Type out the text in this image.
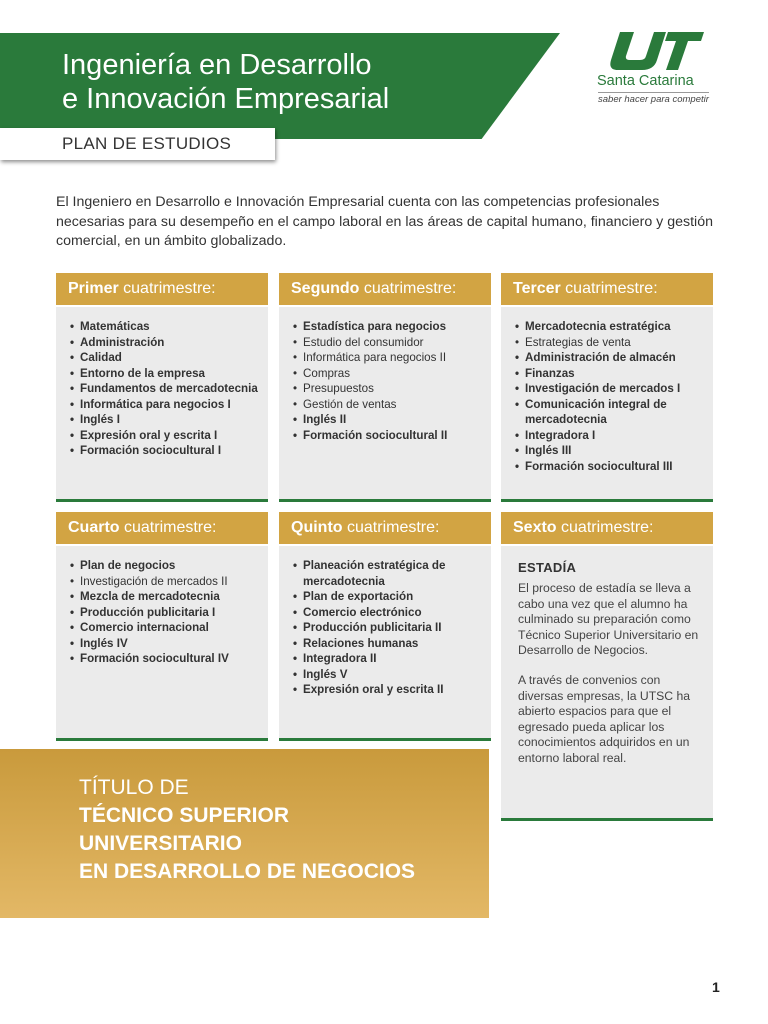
Ingeniería en Desarrollo
e Innovación Empresarial
PLAN DE ESTUDIOS
Santa Catarina
saber hacer para competir

El Ingeniero en Desarrollo e Innovación Empresarial cuenta con las competencias profesionales necesarias para su desempeño en el campo laboral en las áreas de capital humano, financiero y gestión comercial, en un ámbito globalizado.

Primer cuatrimestre:
• Matemáticas
• Administración
• Calidad
• Entorno de la empresa
• Fundamentos de mercadotecnia
• Informática para negocios I
• Inglés I
• Expresión oral y escrita I
• Formación sociocultural I
Segundo cuatrimestre:
• Estadística para negocios
• Estudio del consumidor
• Informática para negocios II
• Compras
• Presupuestos
• Gestión de ventas
• Inglés II
• Formación sociocultural II
Tercer cuatrimestre:
• Mercadotecnia estratégica
• Estrategias de venta
• Administración de almacén
• Finanzas
• Investigación de mercados I
• Comunicación integral de mercadotecnia
• Integradora I
• Inglés III
• Formación sociocultural III
Cuarto cuatrimestre:
• Plan de negocios
• Investigación de mercados II
• Mezcla de mercadotecnia
• Producción publicitaria I
• Comercio internacional
• Inglés IV
• Formación sociocultural IV
Quinto cuatrimestre:
• Planeación estratégica de mercadotecnia
• Plan de exportación
• Comercio electrónico
• Producción publicitaria II
• Relaciones humanas
• Integradora II
• Inglés V
• Expresión oral y escrita II
Sexto cuatrimestre:
ESTADÍA

El proceso de estadía se lleva a cabo una vez que el alumno ha culminado su preparación como Técnico Superior Universitario en Desarrollo de Negocios.

A través de convenios con diversas empresas, la UTSC ha abierto espacios para que el egresado pueda aplicar los conocimientos adquiridos en un entorno laboral real.

TÍTULO DE
TÉCNICO SUPERIOR
UNIVERSITARIO
EN DESARROLLO DE NEGOCIOS
1
